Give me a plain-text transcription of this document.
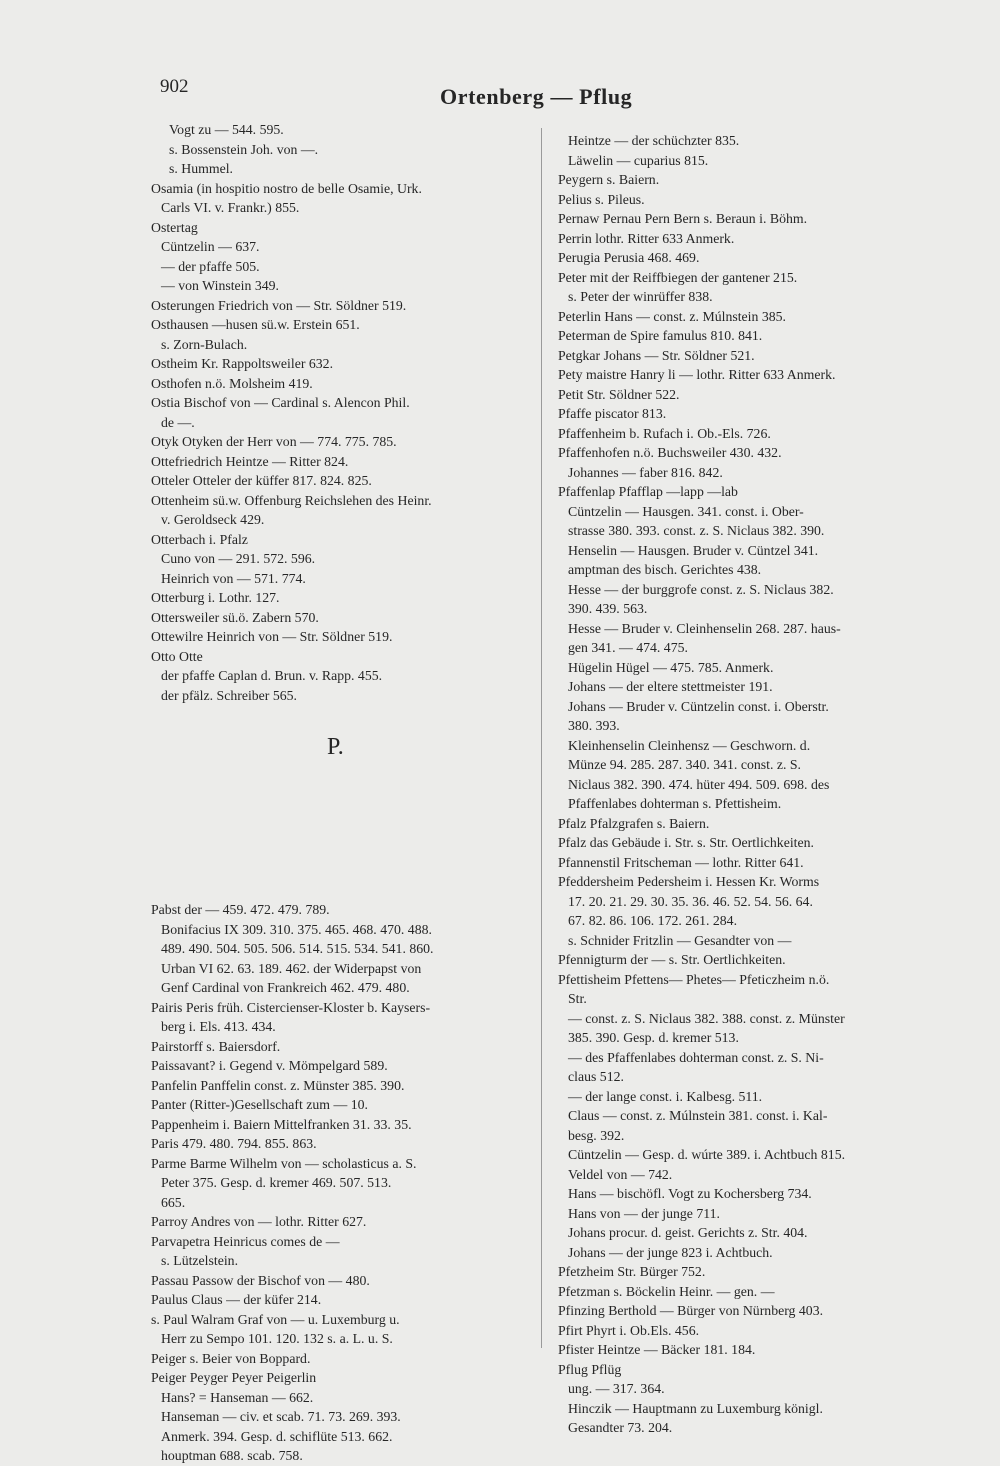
902	Ortenberg — Pflug
Vogt zu — 544. 595.
s. Bossenstein Joh. von —.
s. Hummel.
Osamia (in hospitio nostro de belle Osamie, Urk.
Carls VI. v. Frankr.) 855.
Ostertag
Cüntzelin — 637.
— der pfaffe 505.
— von Winstein 349.
Osterungen Friedrich von — Str. Söldner 519.
Osthausen —husen sü.w. Erstein 651.
s. Zorn-Bulach.
Ostheim Kr. Rappoltsweiler 632.
Osthofen n.ö. Molsheim 419.
Ostia Bischof von — Cardinal s. Alencon Phil.
de —.
Otyk Otyken der Herr von — 774. 775. 785.
Ottefriedrich Heintze — Ritter 824.
Otteler Otteler der küffer 817. 824. 825.
Ottenheim sü.w. Offenburg Reichslehen des Heinr.
v. Geroldseck 429.
Otterbach i. Pfalz
Cuno von — 291. 572. 596.
Heinrich von — 571. 774.
Otterburg i. Lothr. 127.
Ottersweiler sü.ö. Zabern 570.
Ottewilre Heinrich von — Str. Söldner 519.
Otto Otte
der pfaffe Caplan d. Brun. v. Rapp. 455.
der pfälz. Schreiber 565.
Pabst der — 459. 472. 479. 789.
Bonifacius IX 309. 310. 375. 465. 468. 470. 488.
489. 490. 504. 505. 506. 514. 515. 534. 541. 860.
Urban VI 62. 63. 189. 462. der Widerpapst von
Genf Cardinal von Frankreich 462. 479. 480.
Pairis Peris früh. Cistercienser-Kloster b. Kaysers-
berg i. Els. 413. 434.
Pairstorff s. Baiersdorf.
Paissavant? i. Gegend v. Mömpelgard 589.
Panfelin Panffelin const. z. Münster 385. 390.
Panter (Ritter-)Gesellschaft zum — 10.
Pappenheim i. Baiern Mittelfranken 31. 33. 35.
Paris 479. 480. 794. 855. 863.
Parme Barme Wilhelm von — scholasticus a. S.
Peter 375. Gesp. d. kremer 469. 507. 513.
665.
Parroy Andres von — lothr. Ritter 627.
Parvapetra Heinricus comes de —
s. Lützelstein.
Passau Passow der Bischof von — 480.
Paulus Claus — der küfer 214.
s. Paul Walram Graf von — u. Luxemburg u.
Herr zu Sempo 101. 120. 132 s. a. L. u. S.
Peiger s. Beier von Boppard.
Peiger Peyger Peyer Peigerlin
Hans? = Hanseman — 662.
Hanseman — civ. et scab. 71. 73. 269. 393.
Anmerk. 394. Gesp. d. schiflüte 513. 662.
houptman 688. scab. 758.
P.
Heintze — der schüchzter 835.
Läwelin — cuparius 815.
Peygern s. Baiern.
Pelius s. Pileus.
Pernaw Pernau Pern Bern s. Beraun i. Böhm.
Perrin lothr. Ritter 633 Anmerk.
Perugia Perusia 468. 469.
Peter mit der Reiffbiegen der gantener 215.
s. Peter der winrüffer 838.
Peterlin Hans — const. z. Múlnstein 385.
Peterman de Spire famulus 810. 841.
Petgkar Johans — Str. Söldner 521.
Pety maistre Hanry li — lothr. Ritter 633 Anmerk.
Petit Str. Söldner 522.
Pfaffe piscator 813.
Pfaffenheim b. Rufach i. Ob.-Els. 726.
Pfaffenhofen n.ö. Buchsweiler 430. 432.
Johannes — faber 816. 842.
Pfaffenlap Pfafflap —lapp —lab
Cüntzelin — Hausgen. 341. const. i. Ober-
strasse 380. 393. const. z. S. Niclaus 382. 390.
Henselin — Hausgen. Bruder v. Cüntzel 341.
amptman des bisch. Gerichtes 438.
Hesse — der burggrofe const. z. S. Niclaus 382.
390. 439. 563.
Hesse — Bruder v. Cleinhenselin 268. 287. haus-
gen 341. — 474. 475.
Hügelin Hügel — 475. 785. Anmerk.
Johans — der eltere stettmeister 191.
Johans — Bruder v. Cüntzelin const. i. Oberstr.
380. 393.
Kleinhenselin Cleinhensz — Geschworn. d.
Münze 94. 285. 287. 340. 341. const. z. S.
Niclaus 382. 390. 474. hüter 494. 509. 698. des
Pfaffenlabes dohterman s. Pfettisheim.
Pfalz Pfalzgrafen s. Baiern.
Pfalz das Gebäude i. Str. s. Str. Oertlichkeiten.
Pfannenstil Fritscheman — lothr. Ritter 641.
Pfeddersheim Pedersheim i. Hessen Kr. Worms
17. 20. 21. 29. 30. 35. 36. 46. 52. 54. 56. 64.
67. 82. 86. 106. 172. 261. 284.
s. Schnider Fritzlin — Gesandter von —
Pfennigturm der — s. Str. Oertlichkeiten.
Pfettisheim Pfettens— Phetes— Pfeticzheim n.ö.
Str.
— const. z. S. Niclaus 382. 388. const. z. Münster
385. 390. Gesp. d. kremer 513.
— des Pfaffenlabes dohterman const. z. S. Ni-
claus 512.
— der lange const. i. Kalbesg. 511.
Claus — const. z. Múlnstein 381. const. i. Kal-
besg. 392.
Cüntzelin — Gesp. d. wúrte 389. i. Achtbuch 815.
Veldel von — 742.
Hans — bischöfl. Vogt zu Kochersberg 734.
Hans von — der junge 711.
Johans procur. d. geist. Gerichts z. Str. 404.
Johans — der junge 823 i. Achtbuch.
Pfetzheim Str. Bürger 752.
Pfetzman s. Böckelin Heinr. — gen. —
Pfinzing Berthold — Bürger von Nürnberg 403.
Pfirt Phyrt i. Ob.Els. 456.
Pfister Heintze — Bäcker 181. 184.
Pflug Pflüg
ung. — 317. 364.
Hinczik — Hauptmann zu Luxemburg königl.
Gesandter 73. 204.
